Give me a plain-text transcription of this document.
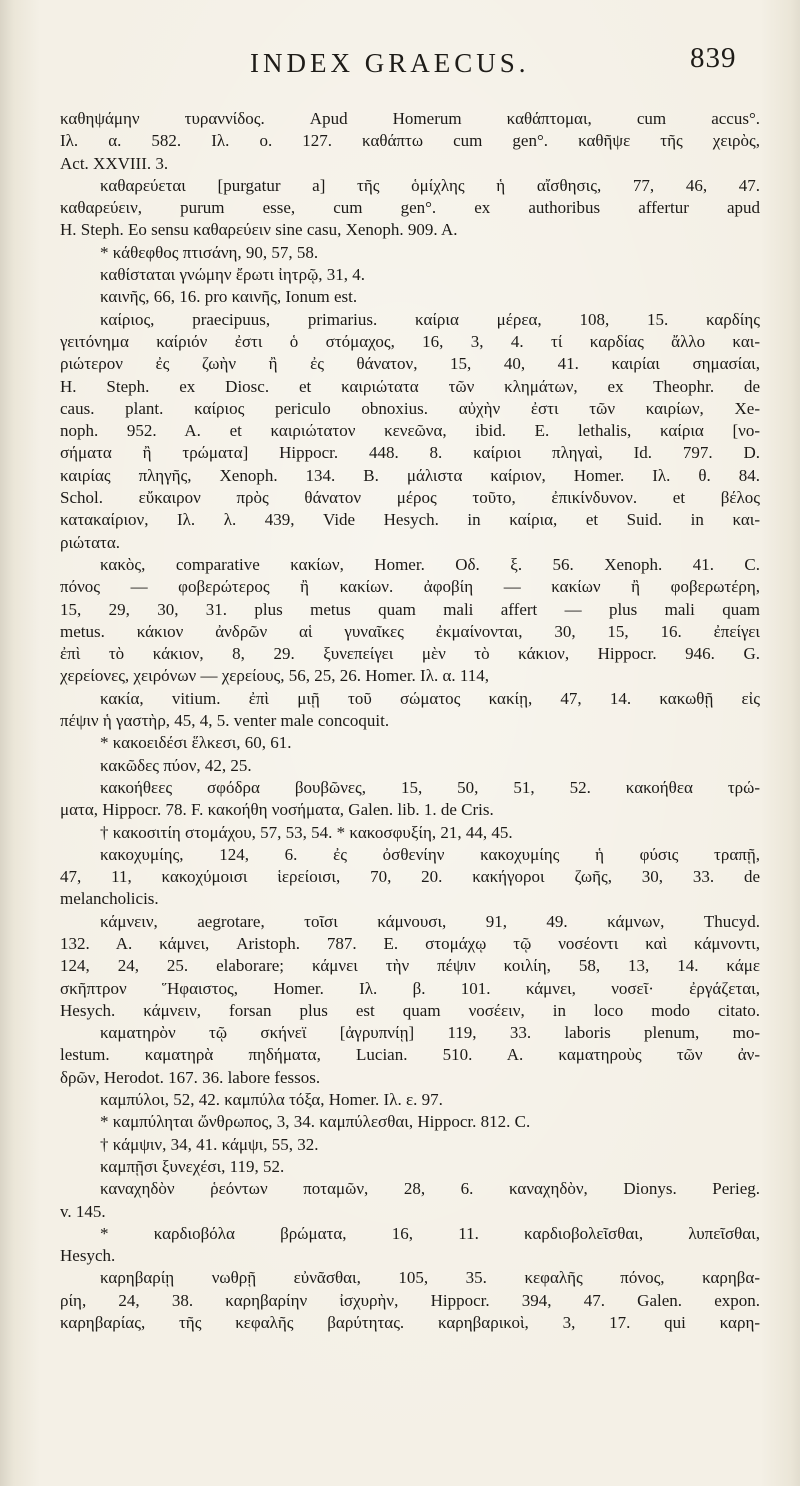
INDEX GRAECUS.	839
καθηψάμην τυραννίδος. Apud Homerum καθάπτομαι, cum accus°.
Ιλ. α. 582. Ιλ. ο. 127. καθάπτω cum gen°. καθῆψε τῆς χειρὸς,
Act. XXVIII. 3.
καθαρεύεται [purgatur a] τῆς ὁμίχλης ἡ αἴσθησις, 77, 46, 47.
καθαρεύειν, purum esse, cum gen°. ex authoribus affertur apud
H. Steph. Eo sensu καθαρεύειν sine casu, Xenoph. 909. A.
* κάθεφθος πτισάνη, 90, 57, 58.
καθίσταται γνώμην ἔρωτι ἰητρῷ, 31, 4.
καινῆς, 66, 16. pro καινῆς, Ionum est.
καίριος, praecipuus, primarius. καίρια μέρεα, 108, 15. καρδίης
γειτόνημα καίριόν ἐστι ὁ στόμαχος, 16, 3, 4. τί καρδίας ἄλλο και-
ριώτερον ἐς ζωὴν ἢ ἐς θάνατον, 15, 40, 41. καιρίαι σημασίαι,
H. Steph. ex Diosc. et καιριώτατα τῶν κλημάτων, ex Theophr. de
caus. plant. καίριος periculo obnoxius. αὐχὴν ἐστι τῶν καιρίων, Xe-
noph. 952. A. et καιριώτατον κενεῶνα, ibid. E. lethalis, καίρια [νο-
σήματα ἢ τρώματα] Hippocr. 448. 8. καίριοι πληγαὶ, Id. 797. D.
καιρίας πληγῆς, Xenoph. 134. B. μάλιστα καίριον, Homer. Ιλ. θ. 84.
Schol. εὔκαιρον πρὸς θάνατον μέρος τοῦτο, ἐπικίνδυνον. et βέλος
κατακαίριον, Ιλ. λ. 439, Vide Hesych. in καίρια, et Suid. in και-
ριώτατα.
κακὸς, comparative κακίων, Homer. Οδ. ξ. 56. Xenoph. 41. C.
πόνος — φοβερώτερος ἢ κακίων. ἀφοβίη — κακίων ἢ φοβερωτέρη,
15, 29, 30, 31. plus metus quam mali affert — plus mali quam
metus. κάκιον ἀνδρῶν αἱ γυναῖκες ἐκμαίνονται, 30, 15, 16. ἐπείγει
ἐπὶ τὸ κάκιον, 8, 29. ξυνεπείγει μὲν τὸ κάκιον, Hippocr. 946. G.
χερείονες, χειρόνων — χερείους, 56, 25, 26. Homer. Ιλ. α. 114,
κακία, vitium. ἐπὶ μιῇ τοῦ σώματος κακίῃ, 47, 14. κακωθῇ εἰς
πέψιν ἡ γαστὴρ, 45, 4, 5. venter male concoquit.
* κακοειδέσι ἕλκεσι, 60, 61.
κακῶδες πύον, 42, 25.
κακοήθεες σφόδρα βουβῶνες, 15, 50, 51, 52. κακοήθεα τρώ-
ματα, Hippocr. 78. F. κακοήθη νοσήματα, Galen. lib. 1. de Cris.
† κακοσιτίη στομάχου, 57, 53, 54. * κακοσφυξίη, 21, 44, 45.
κακοχυμίης, 124, 6. ἐς ὀσθενίην κακοχυμίης ἡ φύσις τραπῇ,
47, 11, κακοχύμοισι ἱερείοισι, 70, 20. κακήγοροι ζωῆς, 30, 33. de
melancholicis.
κάμνειν, aegrotare, τοῖσι κάμνουσι, 91, 49. κάμνων, Thucyd.
132. A. κάμνει, Aristoph. 787. E. στομάχῳ τῷ νοσέοντι καὶ κάμνοντι,
124, 24, 25. elaborare; κάμνει τὴν πέψιν κοιλίη, 58, 13, 14. κάμε
σκῆπτρον Ἥφαιστος, Homer. Ιλ. β. 101. κάμνει, νοσεῖ· ἐργάζεται,
Hesych. κάμνειν, forsan plus est quam νοσέειν, in loco modo citato.
καματηρὸν τῷ σκήνεϊ [ἀγρυπνίῃ] 119, 33. laboris plenum, mo-
lestum. καματηρὰ πηδήματα, Lucian. 510. A. καματηροὺς τῶν ἀν-
δρῶν, Herodot. 167. 36. labore fessos.
καμπύλοι, 52, 42. καμπύλα τόξα, Homer. Ιλ. ε. 97.
* καμπύληται ὤνθρωπος, 3, 34. καμπύλεσθαι, Hippocr. 812. C.
† κάμψιν, 34, 41. κάμψι, 55, 32.
καμπῇσι ξυνεχέσι, 119, 52.
καναχηδὸν ῥεόντων ποταμῶν, 28, 6. καναχηδὸν, Dionys. Perieg.
v. 145.
* καρδιοβόλα βρώματα, 16, 11. καρδιοβολεῖσθαι, λυπεῖσθαι,
Hesych.
καρηβαρίῃ νωθρῇ εὐνᾶσθαι, 105, 35. κεφαλῆς πόνος, καρηβα-
ρίη, 24, 38. καρηβαρίην ἰσχυρὴν, Hippocr. 394, 47. Galen. expon.
καρηβαρίας, τῆς κεφαλῆς βαρύτητας. καρηβαρικοὶ, 3, 17. qui καρη-
